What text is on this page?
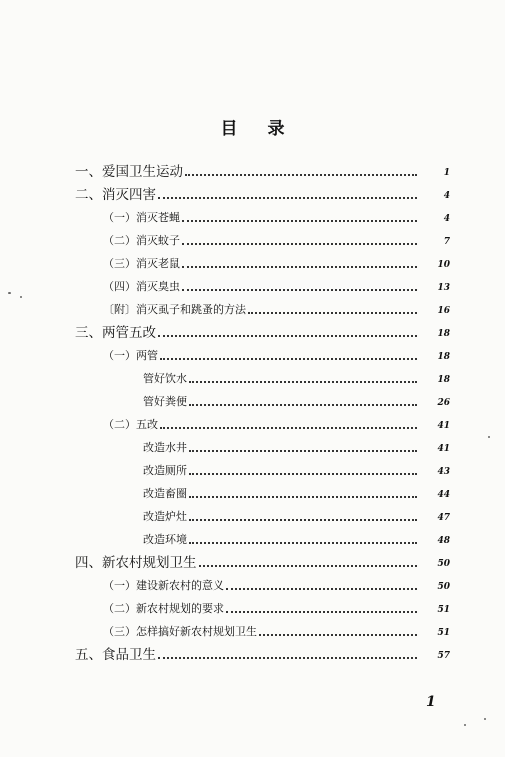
目 录
一、 爱国卫生运动	1
二、 消灭四害	4
（一） 消灭苍蝇	4
（二） 消灭蚊子	7
（三） 消灭老鼠	10
（四） 消灭臭虫	13
〔附〕 消灭虱子和跳蚤的方法	16
三、 两管五改	18
（一） 两管	18
管好饮水	18
管好粪便	26
（二） 五改	41
改造水井	41
改造厕所	43
改造畜圈	44
改造炉灶	47
改造环境	48
四、 新农村规划卫生	50
（一） 建设新农村的意义	50
（二） 新农村规划的要求	51
（三） 怎样搞好新农村规划卫生	51
五、 食品卫生	57
1
